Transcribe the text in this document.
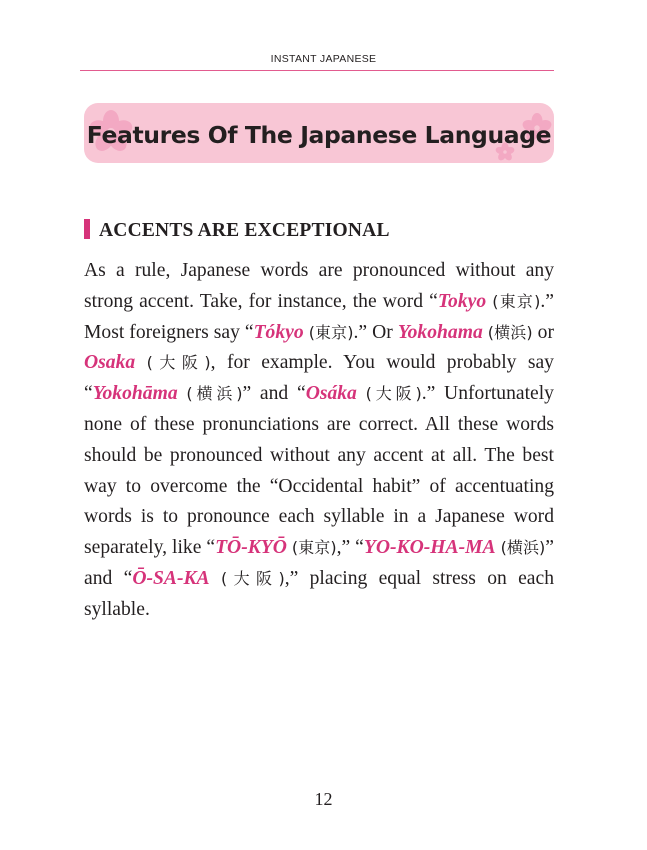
INSTANT JAPANESE
Features Of The Japanese Language
ACCENTS ARE EXCEPTIONAL

As a rule, Japanese words are pronounced without any strong accent. Take, for instance, the word “Tokyo (東京).” Most foreigners say “Tókyo (東京).” Or Yokohama (横浜) or Osaka (大阪), for example. You would probably say “Yokohāma (横浜)” and “Osáka (大阪).” Unfortunately none of these pronunciations are correct. All these words should be pronounced without any accent at all. The best way to overcome the “Occidental habit” of accentuating words is to pronounce each syllable in a Japanese word separately, like “TŌ-KYŌ (東京),” “YO-KO-HA-MA (横浜)” and “Ō-SA-KA (大阪),” placing equal stress on each syllable.

12
